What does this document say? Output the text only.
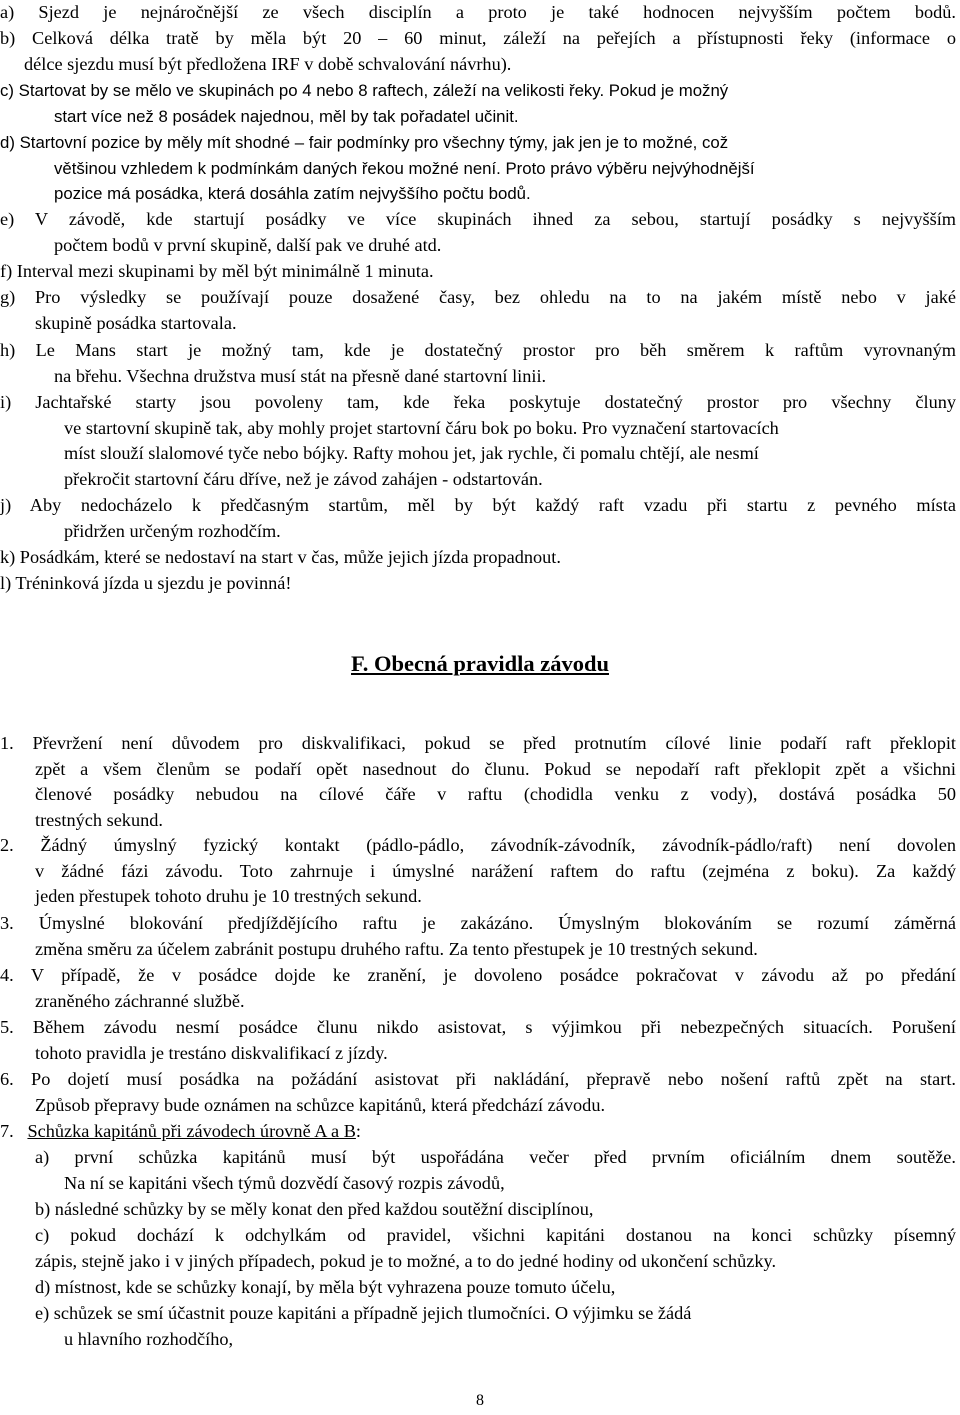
a) Sjezd je nejnáročnější ze všech disciplín a proto je také hodnocen nejvyšším počtem bodů.
b) Celková délka tratě by měla být 20 – 60 minut, záleží na peřejích a přístupnosti řeky (informace o
délce sjezdu musí být předložena IRF v době schvalování návrhu).
c) Startovat by se mělo ve skupinách po 4 nebo 8 raftech, záleží na velikosti řeky. Pokud je možný
start více než 8 posádek najednou, měl by tak pořadatel učinit.
d) Startovní pozice by měly mít shodné – fair podmínky pro všechny týmy, jak jen je to možné, což
většinou vzhledem k podmínkám daných řekou možné není. Proto právo výběru nejvýhodnější
pozice má posádka, která dosáhla zatím nejvyššího počtu bodů.
e) V závodě, kde startují posádky ve více skupinách ihned za sebou, startují posádky s nejvyšším
počtem bodů v první skupině, další pak ve druhé atd.
f) Interval mezi skupinami by měl být minimálně 1 minuta.
g) Pro výsledky se používají pouze dosažené časy, bez ohledu na to na jakém místě nebo v jaké
skupině posádka startovala.
h) Le Mans start je možný tam, kde je dostatečný prostor pro běh směrem k raftům vyrovnaným
na břehu. Všechna družstva musí stát na přesně dané startovní linii.
i) Jachtařské starty jsou povoleny tam, kde řeka poskytuje dostatečný prostor pro všechny čluny
ve startovní skupině tak, aby mohly projet startovní čáru bok po boku. Pro vyznačení startovacích
míst slouží slalomové tyče nebo bójky. Rafty mohou jet, jak rychle, či pomalu chtějí, ale nesmí
překročit startovní čáru dříve, než je závod zahájen - odstartován.
j) Aby nedocházelo k předčasným startům, měl by být každý raft vzadu při startu z pevného místa
přidržen určeným rozhodčím.
k) Posádkám, které se nedostaví na start v čas, může jejich jízda propadnout.
l) Tréninková jízda u sjezdu je povinná!
F. Obecná pravidla závodu
1. Převržení není důvodem pro diskvalifikaci, pokud se před protnutím cílové linie podaří raft překlopit
zpět a všem členům se podaří opět nasednout do člunu. Pokud se nepodaří raft překlopit zpět a všichni
členové posádky nebudou na cílové čáře v raftu (chodidla venku z vody), dostává posádka 50
trestných sekund.
2. Žádný úmyslný fyzický kontakt (pádlo-pádlo, závodník-závodník, závodník-pádlo/raft) není dovolen
v žádné fázi závodu. Toto zahrnuje i úmyslné narážení raftem do raftu (zejména z boku). Za každý
jeden přestupek tohoto druhu je 10 trestných sekund.
3. Úmyslné blokování předjíždějícího raftu je zakázáno. Úmyslným blokováním se rozumí záměrná
změna směru za účelem zabránit postupu druhého raftu. Za tento přestupek je 10 trestných sekund.
4. V případě, že v posádce dojde ke zranění, je dovoleno posádce pokračovat v závodu až po předání
zraněného záchranné službě.
5. Během závodu nesmí posádce člunu nikdo asistovat, s výjimkou při nebezpečných situacích. Porušení
tohoto pravidla je trestáno diskvalifikací z jízdy.
6. Po dojetí musí posádka na požádání asistovat při nakládání, přepravě nebo nošení raftů zpět na start.
Způsob přepravy bude oznámen na schůzce kapitánů, která předchází závodu.
7. Schůzka kapitánů při závodech úrovně A a B:
a) první schůzka kapitánů musí být uspořádána večer před prvním oficiálním dnem soutěže.
Na ní se kapitáni všech týmů dozvědí časový rozpis závodů,
b) následné schůzky by se měly konat den před každou soutěžní disciplínou,
c) pokud dochází k odchylkám od pravidel, všichni kapitáni dostanou na konci schůzky písemný
zápis, stejně jako i v jiných případech, pokud je to možné, a to do jedné hodiny od ukončení schůzky.
d) místnost, kde se schůzky konají, by měla být vyhrazena pouze tomuto účelu,
e) schůzek se smí účastnit pouze kapitáni a případně jejich tlumočníci. O výjimku se žádá
u hlavního rozhodčího,
8
